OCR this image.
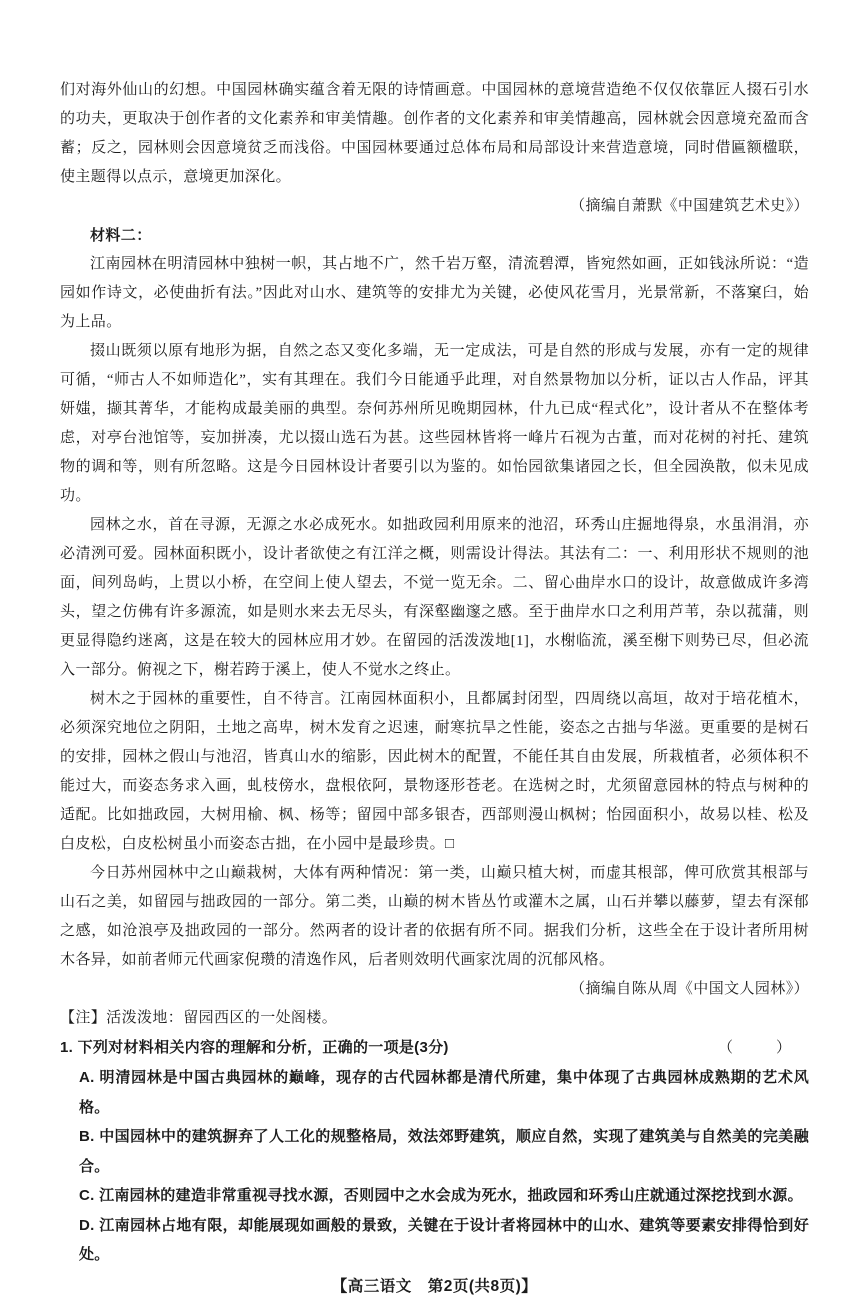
们对海外仙山的幻想。中国园林确实蕴含着无限的诗情画意。中国园林的意境营造绝不仅仅依靠匠人掇石引水的功夫，更取决于创作者的文化素养和审美情趣。创作者的文化素养和审美情趣高，园林就会因意境充盈而含蓄；反之，园林则会因意境贫乏而浅俗。中国园林要通过总体布局和局部设计来营造意境，同时借匾额楹联，使主题得以点示，意境更加深化。

（摘编自萧默《中国建筑艺术史》）

材料二：

江南园林在明清园林中独树一帜，其占地不广，然千岩万壑，清流碧潭，皆宛然如画，正如钱泳所说：“造园如作诗文，必使曲折有法。”因此对山水、建筑等的安排尤为关键，必使风花雪月，光景常新，不落窠臼，始为上品。

掇山既须以原有地形为据，自然之态又变化多端，无一定成法，可是自然的形成与发展，亦有一定的规律可循，“师古人不如师造化”，实有其理在。我们今日能通乎此理，对自然景物加以分析，证以古人作品，评其妍媸，撷其菁华，才能构成最美丽的典型。奈何苏州所见晚期园林，什九已成“程式化”，设计者从不在整体考虑，对亭台池馆等，妄加拼凑，尤以掇山选石为甚。这些园林皆将一峰片石视为古董，而对花树的衬托、建筑物的调和等，则有所忽略。这是今日园林设计者要引以为鉴的。如怡园欲集诸园之长，但全园涣散，似未见成功。

园林之水，首在寻源，无源之水必成死水。如拙政园利用原来的池沼，环秀山庄掘地得泉，水虽涓涓，亦必清洌可爱。园林面积既小，设计者欲使之有江洋之概，则需设计得法。其法有二：一、利用形状不规则的池面，间列岛屿，上贯以小桥，在空间上使人望去，不觉一览无余。二、留心曲岸水口的设计，故意做成许多湾头，望之仿佛有许多源流，如是则水来去无尽头，有深壑幽邃之感。至于曲岸水口之利用芦苇，杂以菰蒲，则更显得隐约迷离，这是在较大的园林应用才妙。在留园的活泼泼地[1]，水榭临流，溪至榭下则势已尽，但必流入一部分。俯视之下，榭若跨于溪上，使人不觉水之终止。

树木之于园林的重要性，自不待言。江南园林面积小，且都属封闭型，四周绕以高垣，故对于培花植木，必须深究地位之阴阳，土地之高卑，树木发育之迟速，耐寒抗旱之性能，姿态之古拙与华滋。更重要的是树石的安排，园林之假山与池沼，皆真山水的缩影，因此树木的配置，不能任其自由发展，所栽植者，必须体积不能过大，而姿态务求入画，虬枝傍水，盘根依阿，景物逐形苍老。在选树之时，尤须留意园林的特点与树种的适配。比如拙政园，大树用榆、枫、杨等；留园中部多银杏，西部则漫山枫树；怡园面积小，故易以桂、松及白皮松，白皮松树虽小而姿态古拙，在小园中是最珍贵。□

今日苏州园林中之山巅栽树，大体有两种情况：第一类，山巅只植大树，而虚其根部，俾可欣赏其根部与山石之美，如留园与拙政园的一部分。第二类，山巅的树木皆丛竹或灌木之属，山石并攀以藤萝，望去有深郁之感，如沧浪亭及拙政园的一部分。然两者的设计者的依据有所不同。据我们分析，这些全在于设计者所用树木各异，如前者师元代画家倪瓒的清逸作风，后者则效明代画家沈周的沉郁风格。

（摘编自陈从周《中国文人园林》）

【注】活泼泼地：留园西区的一处阁楼。

1. 下列对材料相关内容的理解和分析，正确的一项是(3分)	（　）

A. 明清园林是中国古典园林的巅峰，现存的古代园林都是清代所建，集中体现了古典园林成熟期的艺术风格。

B. 中国园林中的建筑摒弃了人工化的规整格局，效法郊野建筑，顺应自然，实现了建筑美与自然美的完美融合。

C. 江南园林的建造非常重视寻找水源，否则园中之水会成为死水，拙政园和环秀山庄就通过深挖找到水源。

D. 江南园林占地有限，却能展现如画般的景致，关键在于设计者将园林中的山水、建筑等要素安排得恰到好处。

【高三语文　第2页(共8页)】
